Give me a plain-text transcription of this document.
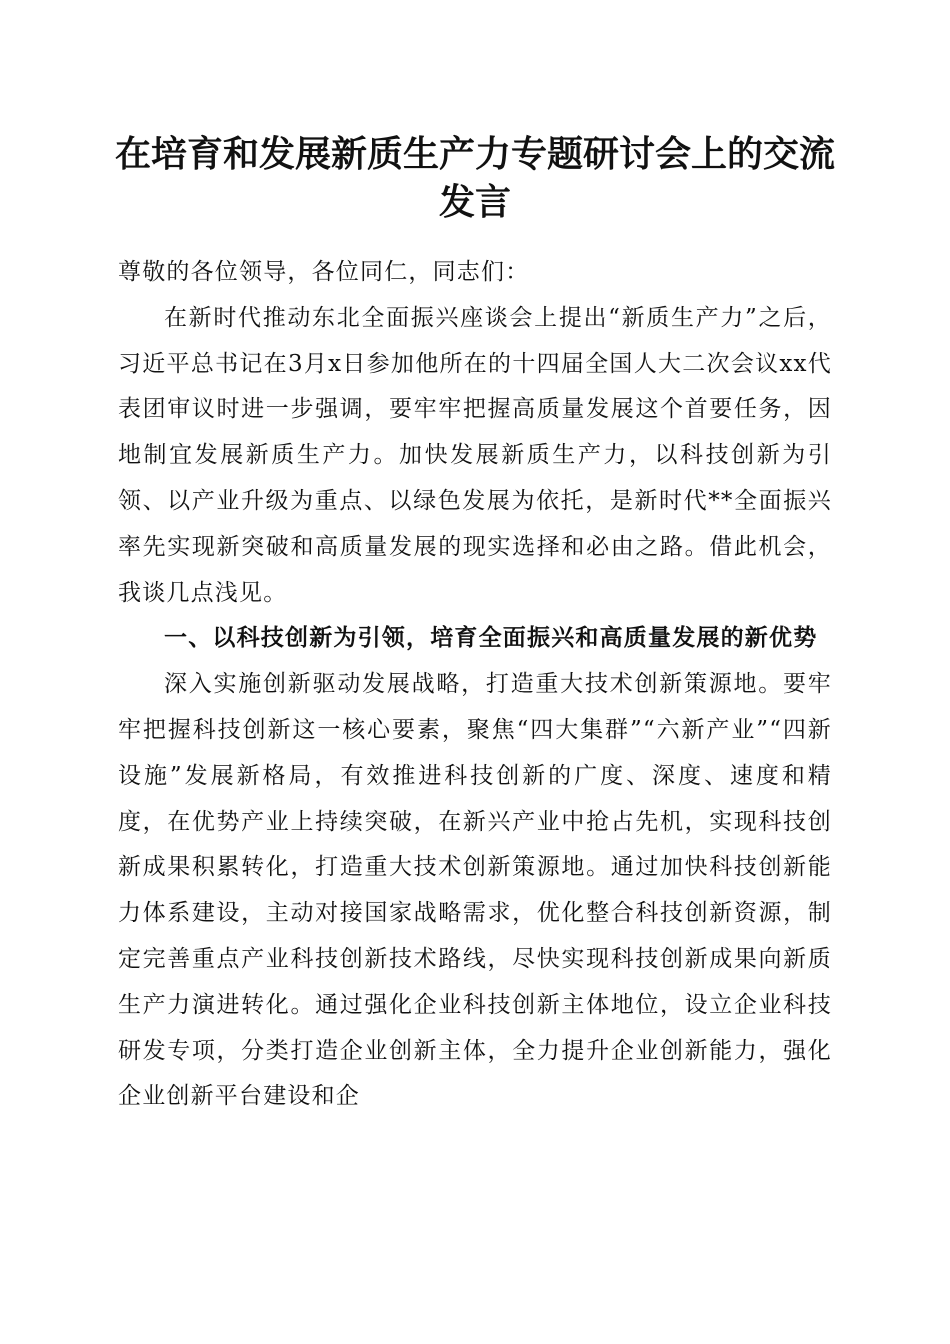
在培育和发展新质生产力专题研讨会上的交流
发言

尊敬的各位领导，各位同仁，同志们：

在新时代推动东北全面振兴座谈会上提出“新质生产力”之后，习近平总书记在3月x日参加他所在的十四届全国人大二次会议xx代表团审议时进一步强调，要牢牢把握高质量发展这个首要任务，因地制宜发展新质生产力。加快发展新质生产力，以科技创新为引领、以产业升级为重点、以绿色发展为依托，是新时代**全面振兴率先实现新突破和高质量发展的现实选择和必由之路。借此机会，我谈几点浅见。

一、以科技创新为引领，培育全面振兴和高质量发展的新优势

深入实施创新驱动发展战略，打造重大技术创新策源地。要牢牢把握科技创新这一核心要素，聚焦“四大集群”“六新产业”“四新设施”发展新格局，有效推进科技创新的广度、深度、速度和精度，在优势产业上持续突破，在新兴产业中抢占先机，实现科技创新成果积累转化，打造重大技术创新策源地。通过加快科技创新能力体系建设，主动对接国家战略需求，优化整合科技创新资源，制定完善重点产业科技创新技术路线，尽快实现科技创新成果向新质生产力演进转化。通过强化企业科技创新主体地位，设立企业科技研发专项，分类打造企业创新主体，全力提升企业创新能力，强化企业创新平台建设和企
